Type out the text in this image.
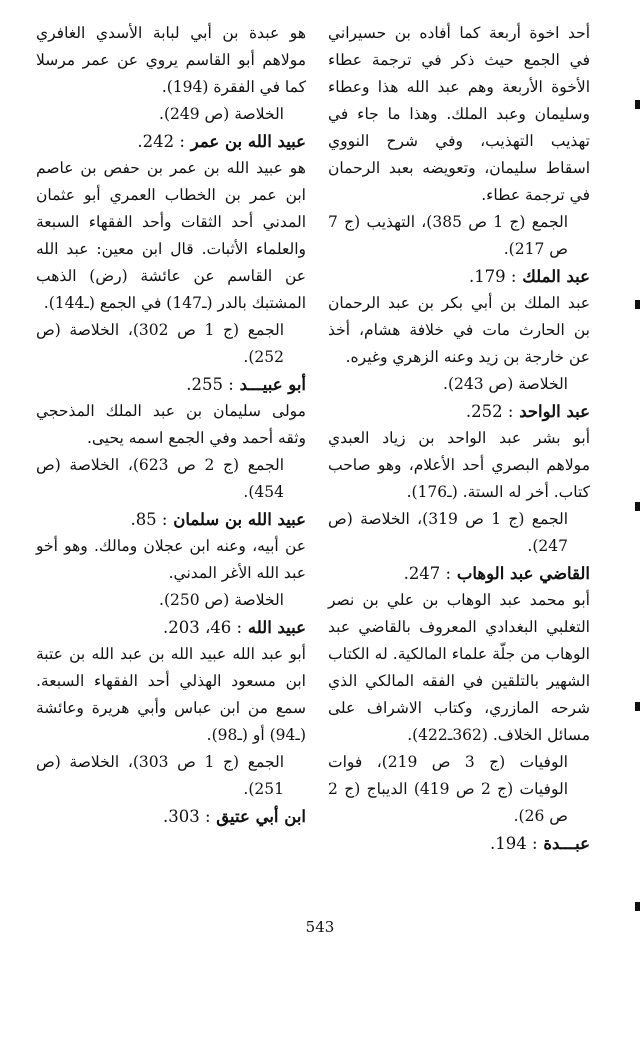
أحد اخوة أربعة كما أفاده بن حسيراني في الجمع حيث ذكر في ترجمة عطاء الأخوة الأربعة وهم عبد الله هذا وعطاء وسليمان وعبد الملك. وهذا ما جاء في تهذيب التهذيب، وفي شرح النووي اسقاط سليمان، وتعويضه بعبد الرحمان في ترجمة عطاء.

الجمع (ج 1 ص 385)، التهذيب (ج 7 ص 217).

عبد الملك : 179.

عبد الملك بن أبي بكر بن عبد الرحمان بن الحارث مات في خلافة هشام، أخذ عن خارجة بن زيد وعنه الزهري وغيره.

الخلاصة (ص 243).

عبد الواحد : 252.

أبو بشر عبد الواحد بن زياد العبدي مولاهم البصري أحد الأعلام، وهو صاحب كتاب. أخر له الستة. (ـ176).

الجمع (ج 1 ص 319)، الخلاصة (ص 247).

القاضي عبد الوهاب : 247.

أبو محمد عبد الوهاب بن علي بن نصر التغلبي البغدادي المعروف بالقاضي عبد الوهاب من جلّة علماء المالكية. له الكتاب الشهير بالتلقين في الفقه المالكي الذي شرحه المازري، وكتاب الاشراف على مسائل الخلاف. (362ـ422).

الوفيات (ج 3 ص 219)، فوات الوفيات (ج 2 ص 419) الديباج (ج 2 ص 26).

عبـــدة : 194.

هو عبدة بن أبي لبابة الأسدي الغافري مولاهم أبو القاسم يروي عن عمر مرسلا كما في الفقرة (194).

الخلاصة (ص 249).

عبيد الله بن عمر : 242.

هو عبيد الله بن عمر بن حفص بن عاصم ابن عمر بن الخطاب العمري أبو عثمان المدني أحد الثقات وأحد الفقهاء السبعة والعلماء الأثبات. قال ابن معين: عبد الله عن القاسم عن عائشة (رض) الذهب المشتبك بالدر (ـ147) في الجمع (ـ144).

الجمع (ج 1 ص 302)، الخلاصة (ص 252).

أبو عبيـــد : 255.

مولى سليمان بن عبد الملك المذحجي وثقه أحمد وفي الجمع اسمه يحيى.

الجمع (ج 2 ص 623)، الخلاصة (ص 454).

عبيد الله بن سلمان : 85.

عن أبيه، وعنه ابن عجلان ومالك. وهو أخو عبد الله الأغر المدني.

الخلاصة (ص 250).

عبيد الله : 46، 203.

أبو عبد الله عبيد الله بن عبد الله بن عتبة ابن مسعود الهذلي أحد الفقهاء السبعة. سمع من ابن عباس وأبي هريرة وعائشة (ـ94) أو (ـ98).

الجمع (ج 1 ص 303)، الخلاصة (ص 251).

ابن أبي عتيق : 303.

543
